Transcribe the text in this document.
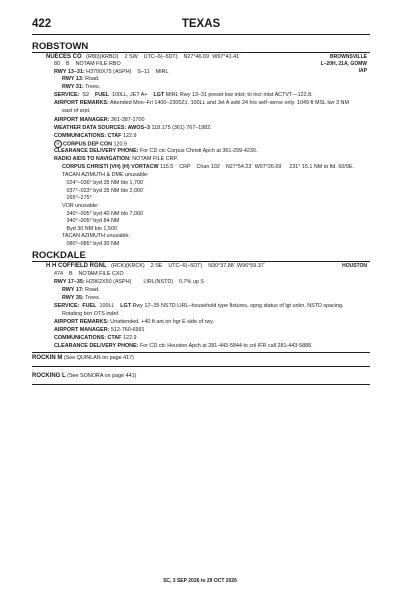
422	TEXAS
ROBSTOWN
NUECES CO   (R80)(KRBO)    2 SW    UTC–6(–5DT)    N27°46.69´ W97°41.41´	BROWNSVILLE
80    B    NOTAM FILE RBO	L–20H, 21A, GOMW
IAP
RWY 13–31: H3700X75 (ASPH)    S–11    MIRL
RWY 13: Road.
RWY 31: Trees.
SERVICE:  S2    FUEL  100LL, JET A+    LGT MIRL Rwy 13–31 preset low intst; to incr intst ACTVT—122.8.
AIRPORT REMARKS: Attended Mon–Fri 1400–2300Z‡. 100LL and Jet A avbl 24 hrs self–serve only. 1049 ft MSL twr 3 NM
east of arpt.
AIRPORT MANAGER: 361-387-1700
WEATHER DATA SOURCES: AWOS–3 118.175 (361) 767–1982.
COMMUNICATIONS: CTAF 122.9
R CORPUS DEP CON 120.9
CLEARANCE DELIVERY PHONE: For CD ctc Corpus Christi Apch at 361-299-4230.
RADIO AIDS TO NAVIGATION: NOTAM FILE CRP.
CORPUS CHRISTI (VH) (H) VORTACW 115.5    CRP    Chan 102    N27°54.23´ W97°26.69´    231° 15.1 NM to fld. 60/9E.
TACAN AZIMUTH & DME unusable:
024°–036° byd 35 NM blo 1,700´
037°–023° byd 35 NM blo 2,000´
265°–275°
VOR unusable:
340°–005° byd 40 NM blo 7,000´
340°–005° byd 84 NM
Byd 30 NM blo 1,500´
TACAN AZIMUTH unusable:
080°–085° byd 30 NM
ROCKDALE
H H COFFIELD RGNL   (RCK)(KRCK)    2 SE    UTC–6(–5DT)    N30°37.88´ W96°59.37´	HOUSTON
474    B    NOTAM FILE CXO
RWY 17–35: H2962X50 (ASPH)        LIRL(NSTD)    0.7% up S
RWY 17: Road.
RWY 35: Trees.
SERVICE: FUEL  100LL    LGT Rwy 17–35 NSTD LIRL–household type fixtures, opng status of lgt unkn. NSTD spacing.
Rotating bcn OTS indef.
AIRPORT REMARKS: Unattended. +40 ft ant on hgr E side of rwy.
AIRPORT MANAGER: 512-760-6991
COMMUNICATIONS: CTAF 122.9
CLEARANCE DELIVERY PHONE: For CD ctc Houston Apch at 281-443-5844 to cnl IFR call 281-443-5888.
ROCKIN M (See QUINLAN on page 417)
ROCKING L (See SONORA on page 441)
SC, 3 SEP 2026 to 29 OCT 2026
